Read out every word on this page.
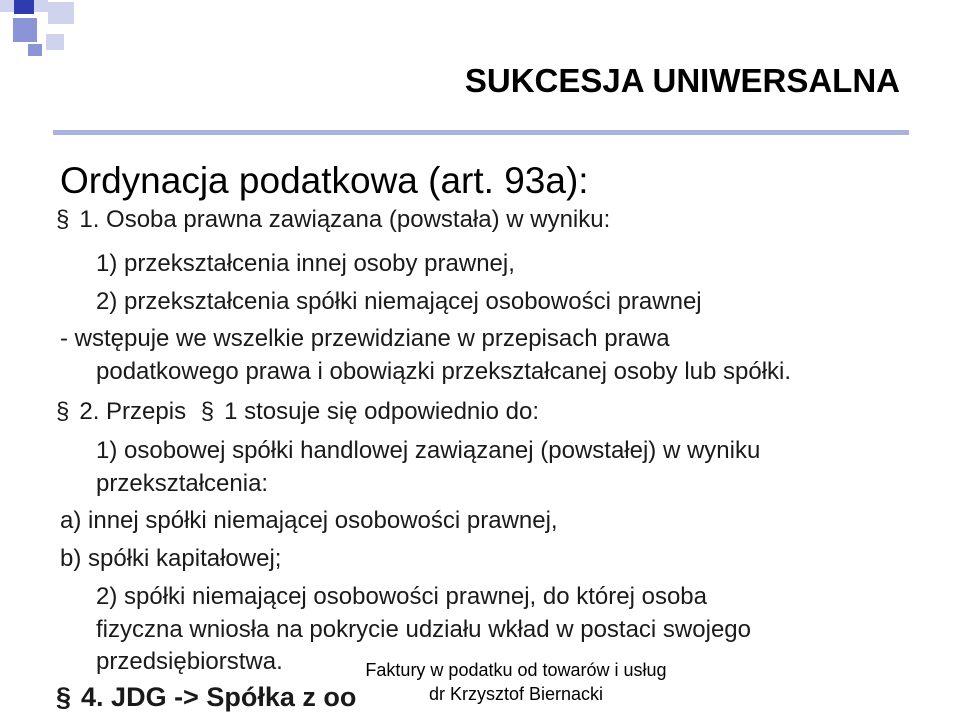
SUKCESJA UNIWERSALNA
Ordynacja podatkowa (art. 93a):
§ 1. Osoba prawna zawiązana (powstała) w wyniku:
1) przekształcenia innej osoby prawnej,
2) przekształcenia spółki niemającej osobowości prawnej
- wstępuje we wszelkie przewidziane w przepisach prawa
podatkowego prawa i obowiązki przekształcanej osoby lub spółki.
§ 2. Przepis § 1 stosuje się odpowiednio do:
1) osobowej spółki handlowej zawiązanej (powstałej) w wyniku
przekształcenia:
a) innej spółki niemającej osobowości prawnej,
b) spółki kapitałowej;
2) spółki niemającej osobowości prawnej, do której osoba
fizyczna wniosła na pokrycie udziału wkład w postaci swojego
przedsiębiorstwa.
§ 4. JDG -> Spółka z oo
Faktury w podatku od towarów i usług
dr Krzysztof Biernacki
